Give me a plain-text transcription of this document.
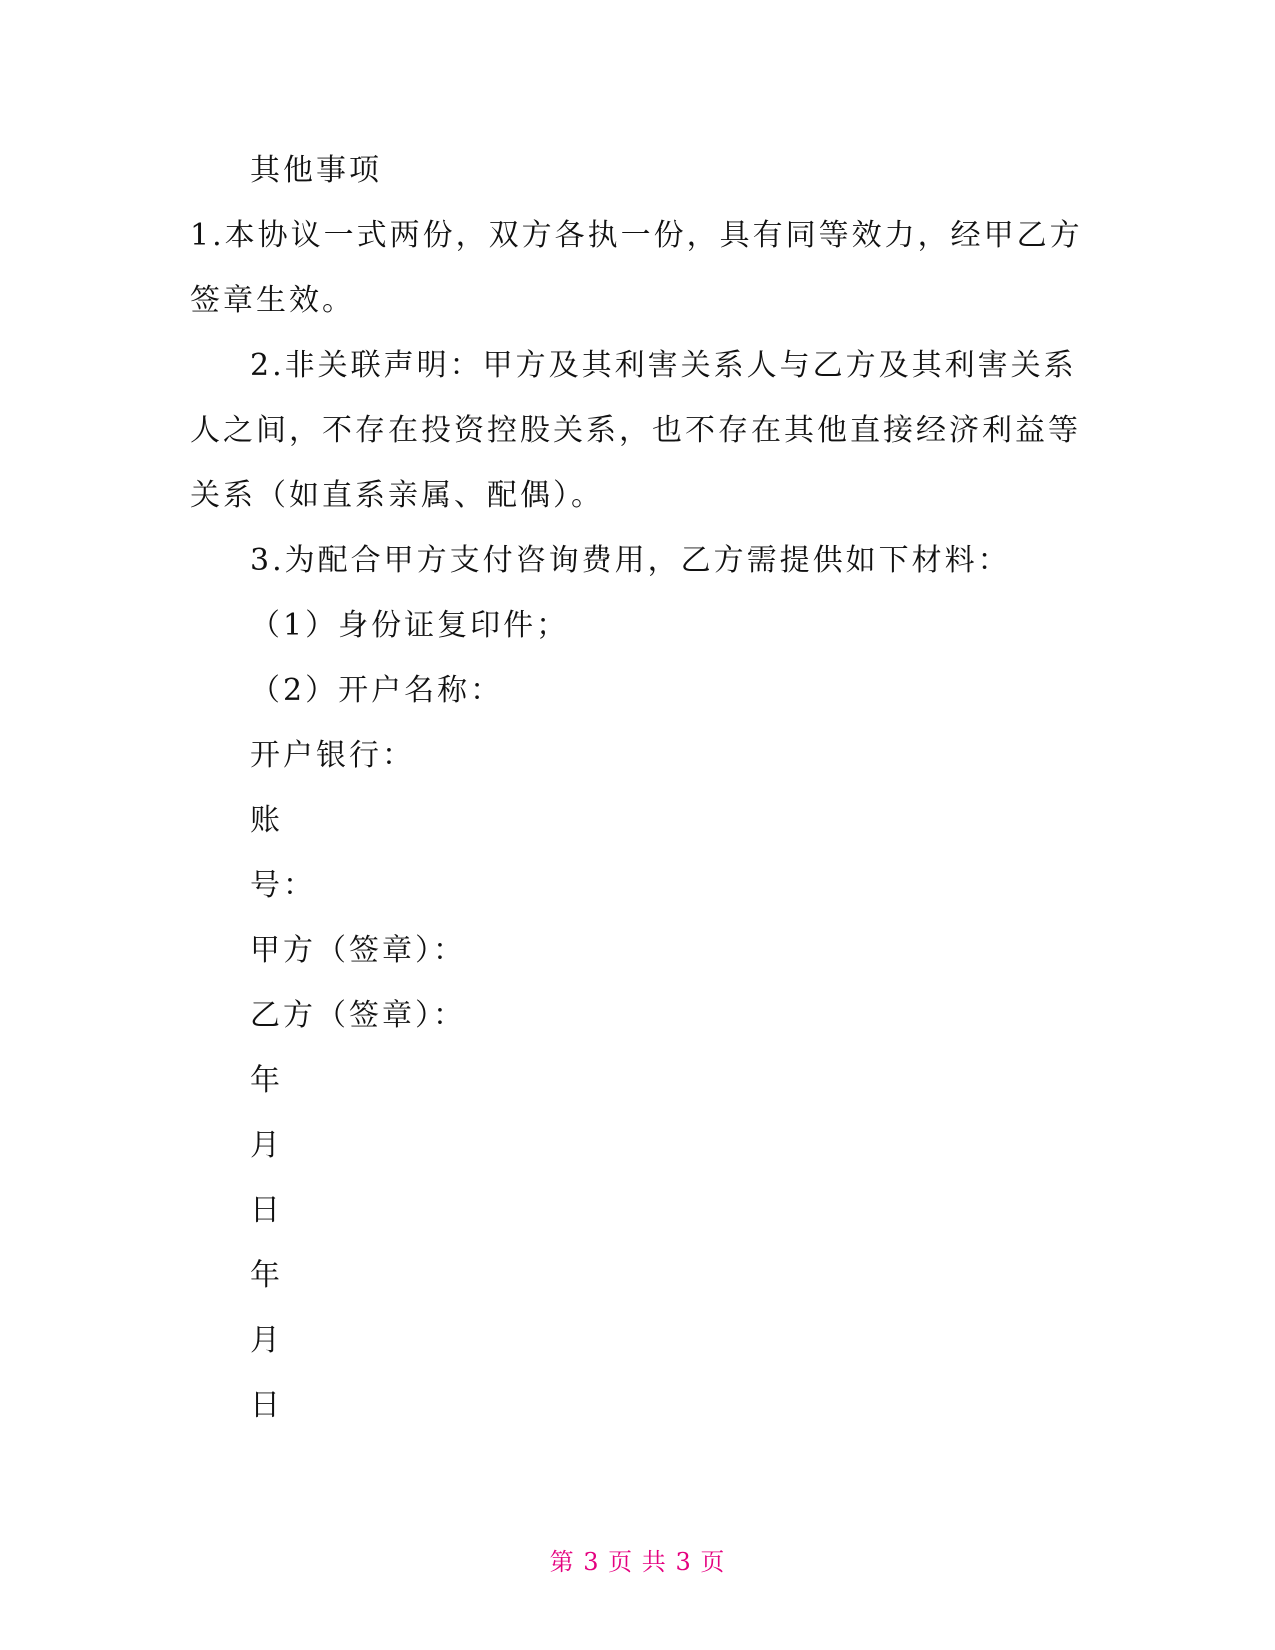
其他事项
1.本协议一式两份，双方各执一份，具有同等效力，经甲乙方
签章生效。
2.非关联声明：甲方及其利害关系人与乙方及其利害关系
人之间，不存在投资控股关系，也不存在其他直接经济利益等
关系（如直系亲属、配偶）。
3.为配合甲方支付咨询费用，乙方需提供如下材料：
（1）身份证复印件；
（2）开户名称：
开户银行：
账
号：
甲方（签章）：
乙方（签章）：
年
月
日
年
月
日
第 3 页 共 3 页
